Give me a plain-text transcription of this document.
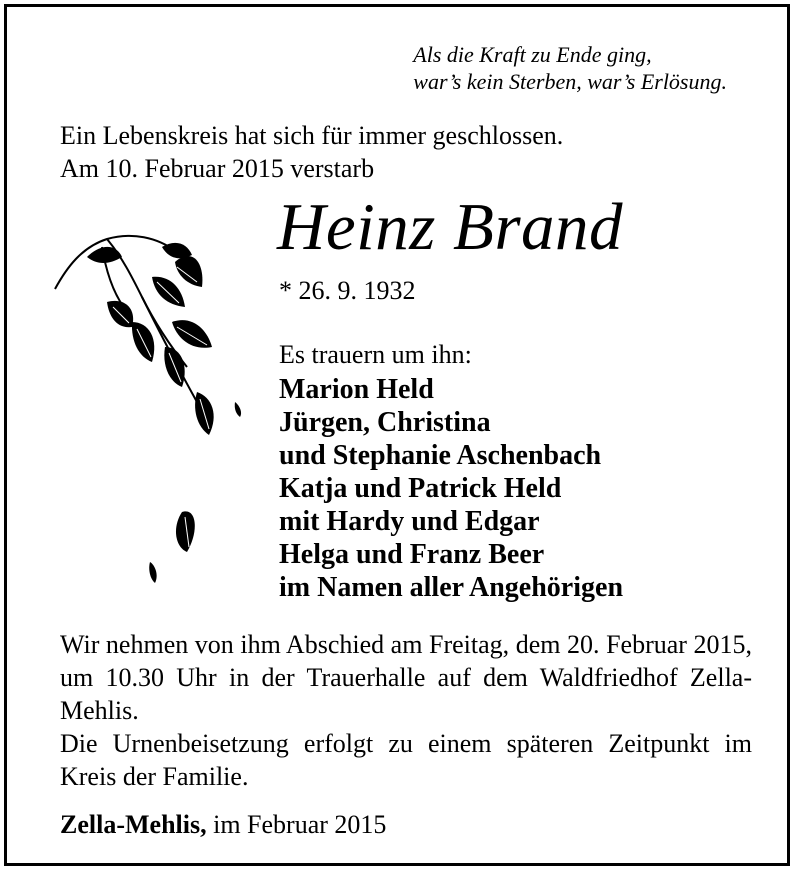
Als die Kraft zu Ende ging,
war’s kein Sterben, war’s Erlösung.
Ein Lebenskreis hat sich für immer geschlossen.
Am 10. Februar 2015 verstarb
Heinz Brand
* 26. 9. 1932
Es trauern um ihn:
Marion Held
Jürgen, Christina
und Stephanie Aschenbach
Katja und Patrick Held
mit Hardy und Edgar
Helga und Franz Beer
im Namen aller Angehörigen
Wir nehmen von ihm Abschied am Freitag, dem 20. Februar 2015, um 10.30 Uhr in der Trauerhalle auf dem Waldfriedhof Zella-Mehlis.
Die Urnenbeisetzung erfolgt zu einem späteren Zeitpunkt im Kreis der Familie.
Zella-Mehlis, im Februar 2015
